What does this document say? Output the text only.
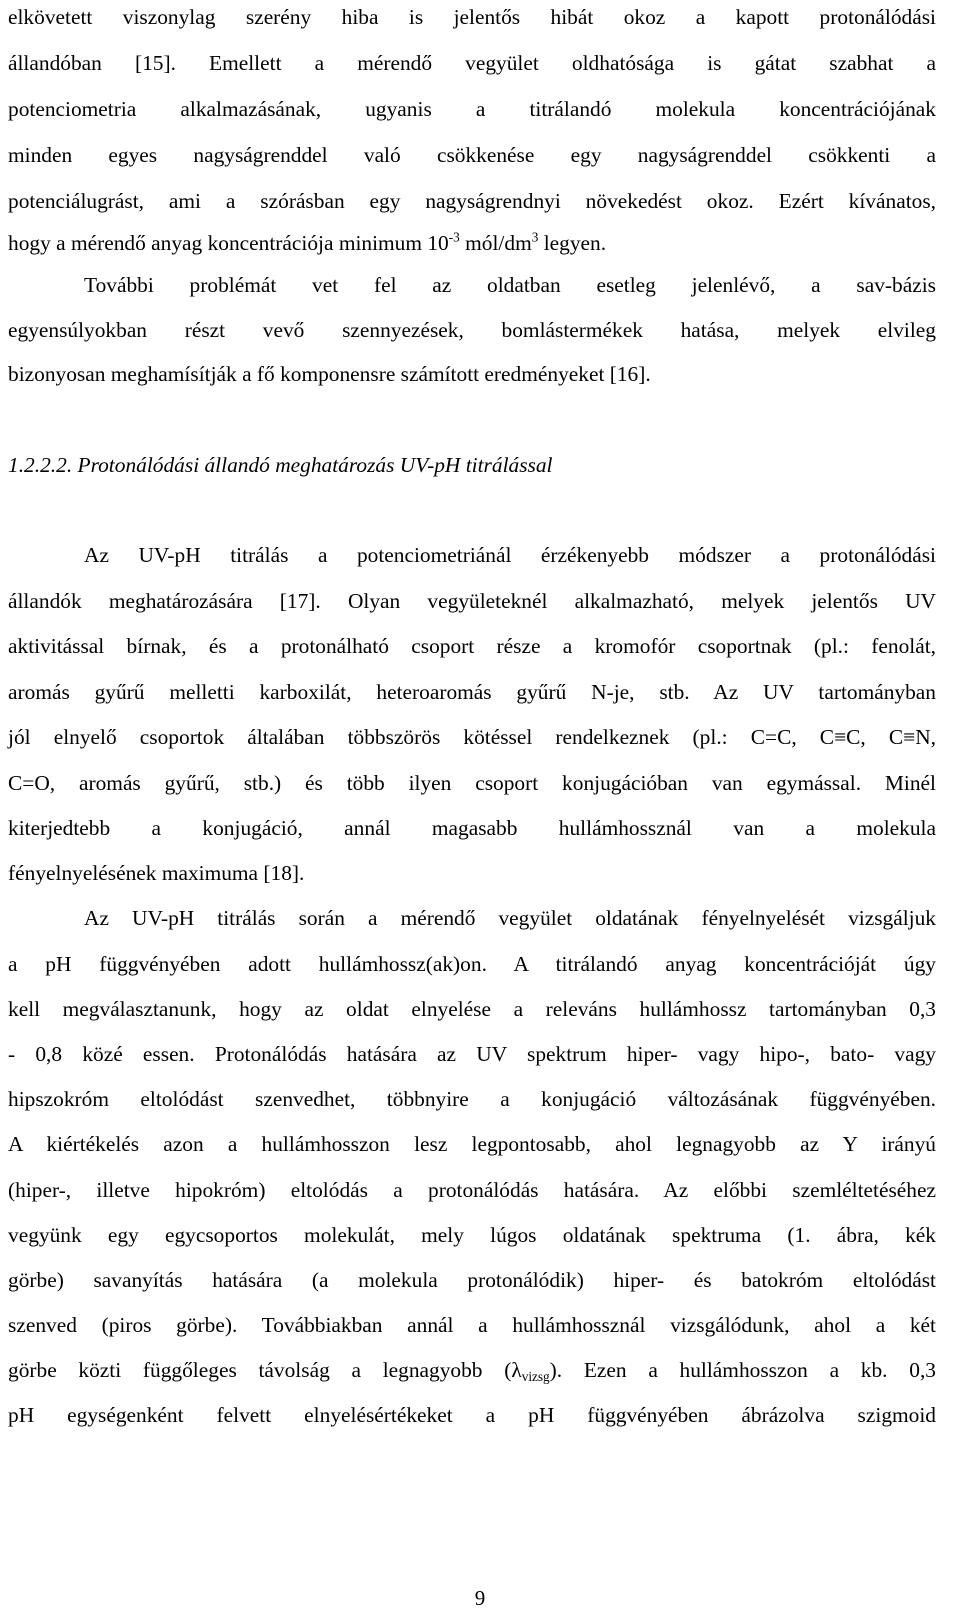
elkövetett viszonylag szerény hiba is jelentős hibát okoz a kapott protonálódási
állandóban [15]. Emellett a mérendő vegyület oldhatósága is gátat szabhat a
potenciometria alkalmazásának, ugyanis a titrálandó molekula koncentrációjának
minden egyes nagyságrenddel való csökkenése egy nagyságrenddel csökkenti a
potenciálugrást, ami a szórásban egy nagyságrendnyi növekedést okoz. Ezért kívánatos,
hogy a mérendő anyag koncentrációja minimum $10^{-3}$ mól/$dm^3$ legyen.
További problémát vet fel az oldatban esetleg jelenlévő, a sav-bázis
egyensúlyokban részt vevő szennyezések, bomlástermékek hatása, melyek elvileg
bizonyosan meghamísítják a fő komponensre számított eredményeket [16].
1.2.2.2. Protonálódási állandó meghatározás UV-pH titrálással
Az UV-pH titrálás a potenciometriánál érzékenyebb módszer a protonálódási
állandók meghatározására [17]. Olyan vegyületeknél alkalmazható, melyek jelentős UV
aktivitással bírnak, és a protonálható csoport része a kromofór csoportnak (pl.: fenolát,
aromás gyűrű melletti karboxilát, heteroaromás gyűrű N-je, stb. Az UV tartományban
jól elnyelő csoportok általában többszörös kötéssel rendelkeznek (pl.: C=C, C≡C, C≡N,
C=O, aromás gyűrű, stb.) és több ilyen csoport konjugációban van egymással. Minél
kiterjedtebb a konjugáció, annál magasabb hullámhossznál van a molekula
fényelnyelésének maximuma [18].
Az UV-pH titrálás során a mérendő vegyület oldatának fényelnyelését vizsgáljuk
a pH függvényében adott hullámhossz(ak)on. A titrálandó anyag koncentrációját úgy
kell megválasztanunk, hogy az oldat elnyelése a releváns hullámhossz tartományban 0,3
- 0,8 közé essen. Protonálódás hatására az UV spektrum hiper- vagy hipo-, bato- vagy
hipszokróm eltolódást szenvedhet, többnyire a konjugáció változásának függvényében.
A kiértékelés azon a hullámhosszon lesz legpontosabb, ahol legnagyobb az Y irányú
(hiper-, illetve hipokróm) eltolódás a protonálódás hatására. Az előbbi szemléltetéséhez
vegyünk egy egycsoportos molekulát, mely lúgos oldatának spektruma (1. ábra, kék
görbe) savanyítás hatására (a molekula protonálódik) hiper- és batokróm eltolódást
szenved (piros görbe). Továbbiakban annál a hullámhossznál vizsgálódunk, ahol a két
görbe közti függőleges távolság a legnagyobb $(\lambda_{vizsg})$. Ezen a hullámhosszon a kb. 0,3
pH egységenként felvett elnyelésértékeket a pH függvényében ábrázolva szigmoid
9
